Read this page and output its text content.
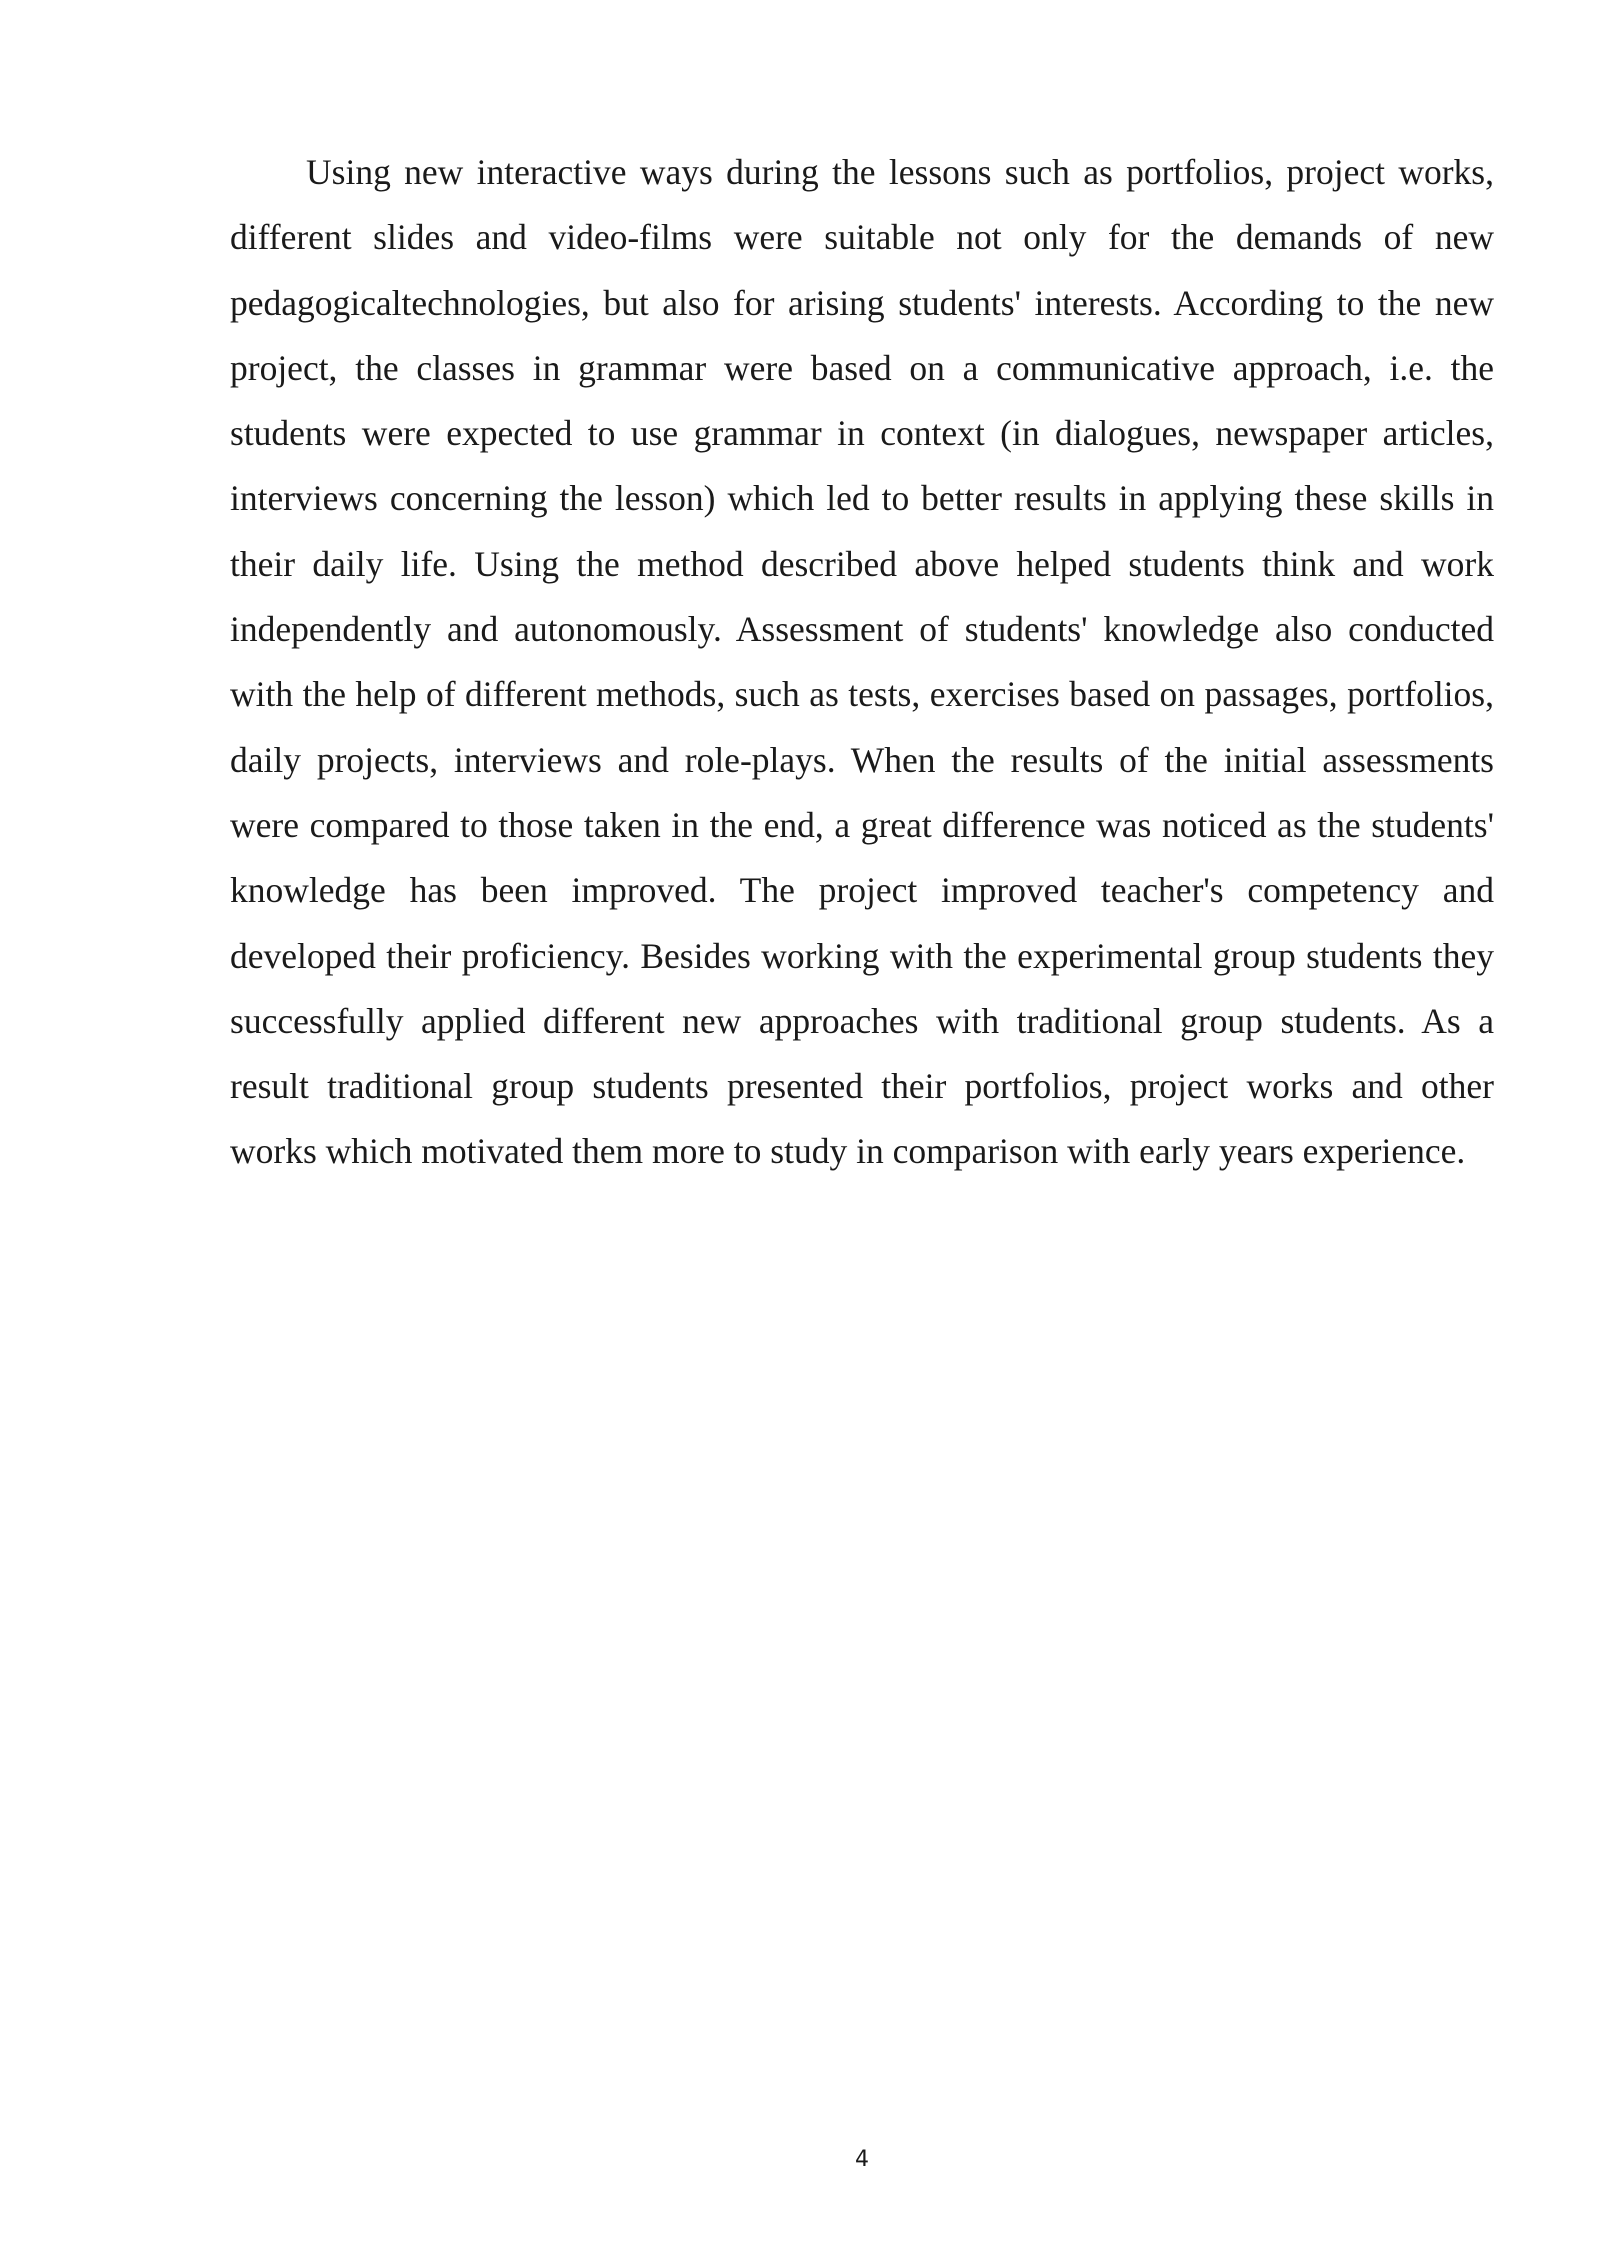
Using new interactive ways during the lessons such as portfolios, project works, different slides and video-films were suitable not only for the demands of new pedagogicaltechnologies, but also for arising students' interests. According to the new project, the classes in grammar were based on a communicative approach, i.e. the students were expected to use grammar in context (in dialogues, newspaper articles, interviews concerning the lesson) which led to better results in applying these skills in their daily life. Using the method described above helped students think and work independently and autonomously. Assessment of students' knowledge also conducted with the help of different methods, such as tests, exercises based on passages, portfolios, daily projects, interviews and role-plays. When the results of the initial assessments were compared to those taken in the end, a great difference was noticed as the students' knowledge has been improved. The project improved teacher's competency and developed their proficiency. Besides working with the experimental group students they successfully applied different new approaches with traditional group students. As a result traditional group students presented their portfolios, project works and other works which motivated them more to study in comparison with early years experience.

4
